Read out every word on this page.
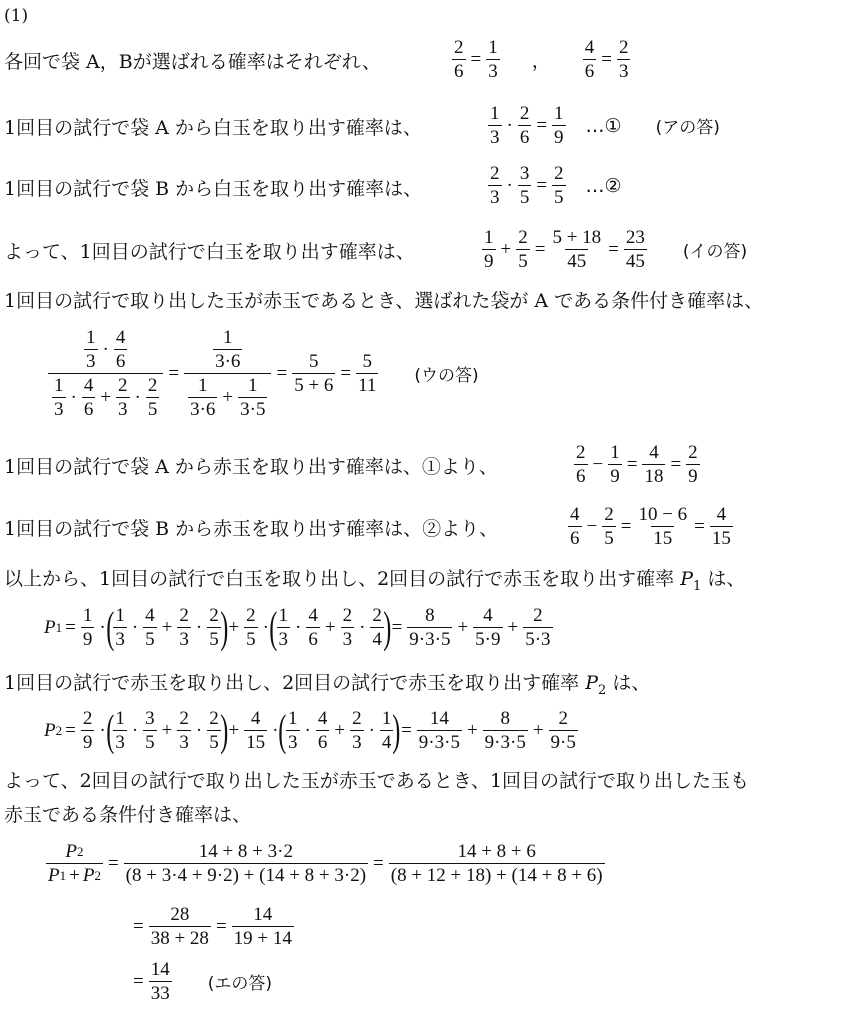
(1)
各回で袋 A，Bが選ばれる確率はそれぞれ、	$\frac{2}{6} = \frac{1}{3}$ ， $\frac{4}{6} = \frac{2}{3}$
1回目の試行で袋 A から白玉を取り出す確率は、	$\frac{1}{3} \cdot \frac{2}{6} = \frac{1}{9}$ …① (アの答)
1回目の試行で袋 B から白玉を取り出す確率は、	$\frac{2}{3} \cdot \frac{3}{5} = \frac{2}{5}$ …②
よって、1回目の試行で白玉を取り出す確率は、	$\frac{1}{9} + \frac{2}{5} = \frac{5 + 18}{45} = \frac{23}{45}$ (イの答)
1回目の試行で取り出した玉が赤玉であるとき、選ばれた袋が A である条件付き確率は、
$\frac{\frac{1}{3} \cdot \frac{4}{6}}{\frac{1}{3} \cdot \frac{4}{6} + \frac{2}{3} \cdot \frac{2}{5}} = \frac{\frac{1}{3\cdot 6}}{\frac{1}{3\cdot 6} + \frac{1}{3\cdot 5}} = \frac{5}{5 + 6} = \frac{5}{11}$ (ウの答)
1回目の試行で袋 A から赤玉を取り出す確率は、①より、	$\frac{2}{6} - \frac{1}{9} = \frac{4}{18} = \frac{2}{9}$
1回目の試行で袋 B から赤玉を取り出す確率は、②より、	$\frac{4}{6} - \frac{2}{5} = \frac{10 - 6}{15} = \frac{4}{15}$
以上から、1回目の試行で白玉を取り出し、2回目の試行で赤玉を取り出す確率 $P_1$ は、
P $1 = \frac{1}{9}$ · ( $\frac{1}{3} \cdot \frac{4}{5} + \frac{2}{3} \cdot \frac{2}{5}$ ) + $\frac{2}{5}$ · ( $\frac{1}{3} \cdot \frac{4}{6} + \frac{2}{3} \cdot \frac{2}{4}$ ) = $\frac{8}{9\cdot 3\cdot 5} + \frac{4}{5\cdot 9} + \frac{2}{5\cdot 3}$
1回目の試行で赤玉を取り出し、2回目の試行で赤玉を取り出す確率 $P_2$ は、
P $2 = \frac{2}{9}$ · ( $\frac{1}{3} \cdot \frac{3}{5} + \frac{2}{3} \cdot \frac{2}{5}$ ) + $\frac{4}{15}$ · ( $\frac{1}{3} \cdot \frac{4}{6} + \frac{2}{3} \cdot \frac{1}{4}$ ) = $\frac{14}{9\cdot 3\cdot 5} + \frac{8}{9\cdot 3\cdot 5} + \frac{2}{9\cdot 5}$
よって、2回目の試行で取り出した玉が赤玉であるとき、1回目の試行で取り出した玉も
赤玉である条件付き確率は、
$\frac{P 2}{P 1 + P 2} = \frac{14 + 8 + 3\cdot 2}{(8 + 3\cdot 4 + 9\cdot 2) + (14 + 8 + 3\cdot 2)} = \frac{14 + 8 + 6}{(8 + 12 + 18) + (14 + 8 + 6)}$
= $\frac{28}{38 + 28} = \frac{14}{19 + 14}$
= $\frac{14}{33}$ (エの答)
